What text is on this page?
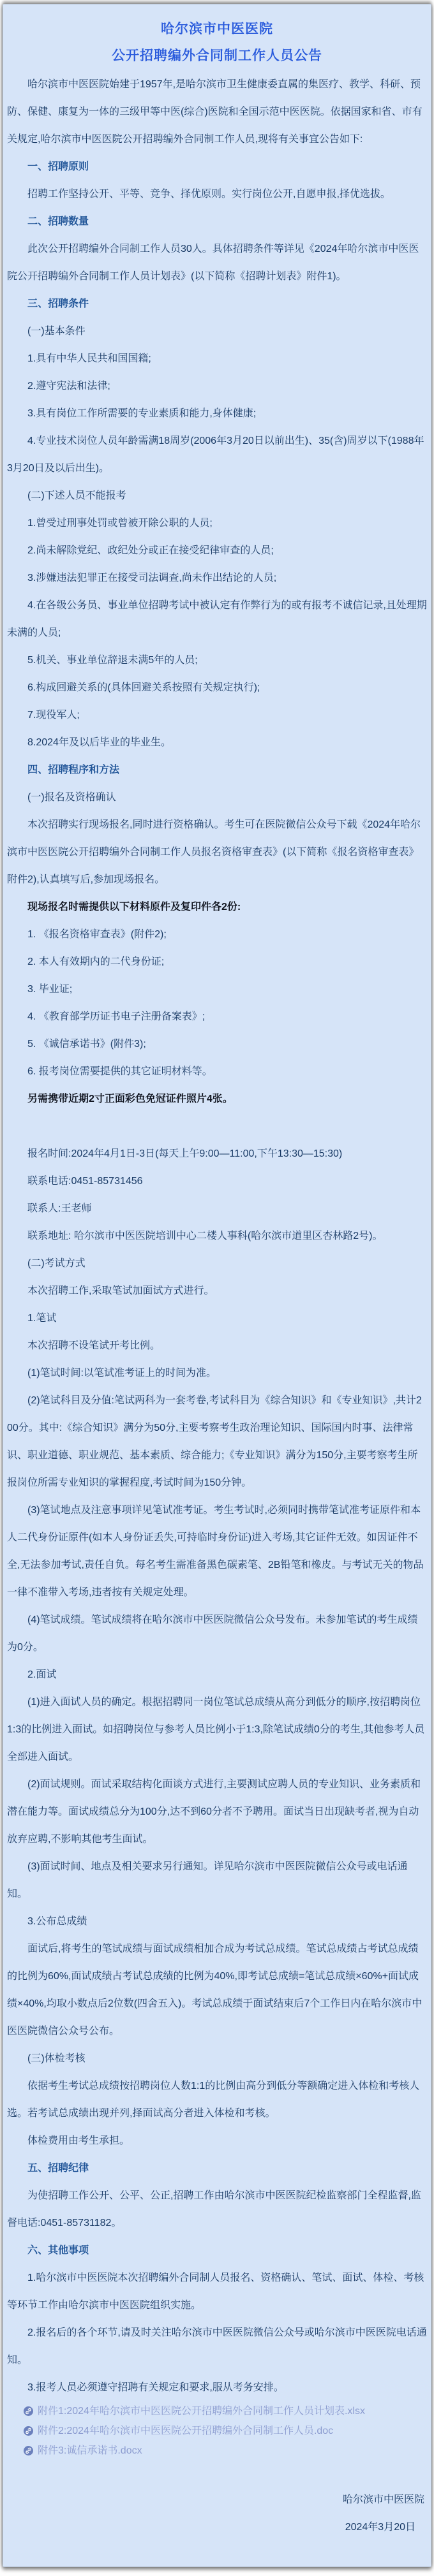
哈尔滨市中医医院
公开招聘编外合同制工作人员公告
哈尔滨市中医医院始建于1957年,是哈尔滨市卫生健康委直属的集医疗、教学、科研、预防、保健、康复为一体的三级甲等中医(综合)医院和全国示范中医医院。依据国家和省、市有关规定,哈尔滨市中医医院公开招聘编外合同制工作人员,现将有关事宜公告如下:
一、招聘原则
招聘工作坚持公开、平等、竞争、择优原则。实行岗位公开,自愿申报,择优选拔。
二、招聘数量
此次公开招聘编外合同制工作人员30人。具体招聘条件等详见《2024年哈尔滨市中医医院公开招聘编外合同制工作人员计划表》(以下简称《招聘计划表》附件1)。
三、招聘条件
(一)基本条件
1.具有中华人民共和国国籍;
2.遵守宪法和法律;
3.具有岗位工作所需要的专业素质和能力,身体健康;
4.专业技术岗位人员年龄需满18周岁(2006年3月20日以前出生)、35(含)周岁以下(1988年3月20日及以后出生)。
(二)下述人员不能报考
1.曾受过刑事处罚或曾被开除公职的人员;
2.尚未解除党纪、政纪处分或正在接受纪律审查的人员;
3.涉嫌违法犯罪正在接受司法调查,尚未作出结论的人员;
4.在各级公务员、事业单位招聘考试中被认定有作弊行为的或有报考不诚信记录,且处理期未满的人员;
5.机关、事业单位辞退未满5年的人员;
6.构成回避关系的(具体回避关系按照有关规定执行);
7.现役军人;
8.2024年及以后毕业的毕业生。
四、招聘程序和方法
(一)报名及资格确认
本次招聘实行现场报名,同时进行资格确认。考生可在医院微信公众号下载《2024年哈尔滨市中医医院公开招聘编外合同制工作人员报名资格审查表》(以下简称《报名资格审查表》附件2),认真填写后,参加现场报名。
现场报名时需提供以下材料原件及复印件各2份:
1. 《报名资格审查表》(附件2);
2. 本人有效期内的二代身份证;
3. 毕业证;
4. 《教育部学历证书电子注册备案表》;
5. 《诚信承诺书》(附件3);
6. 报考岗位需要提供的其它证明材料等。
另需携带近期2寸正面彩色免冠证件照片4张。
报名时间:2024年4月1日-3日(每天上午9:00—11:00,下午13:30—15:30)
联系电话:0451-85731456
联系人:王老师
联系地址: 哈尔滨市中医医院培训中心二楼人事科(哈尔滨市道里区杏林路2号)。
(二)考试方式
本次招聘工作,采取笔试加面试方式进行。
1.笔试
本次招聘不设笔试开考比例。
(1)笔试时间:以笔试准考证上的时间为准。
(2)笔试科目及分值:笔试两科为一套考卷,考试科目为《综合知识》和《专业知识》,共计200分。其中:《综合知识》满分为50分,主要考察考生政治理论知识、国际国内时事、法律常识、职业道德、职业规范、基本素质、综合能力;《专业知识》满分为150分,主要考察考生所报岗位所需专业知识的掌握程度,考试时间为150分钟。
(3)笔试地点及注意事项详见笔试准考证。考生考试时,必须同时携带笔试准考证原件和本人二代身份证原件(如本人身份证丢失,可持临时身份证)进入考场,其它证件无效。如因证件不全,无法参加考试,责任自负。每名考生需准备黑色碳素笔、2B铅笔和橡皮。与考试无关的物品一律不准带入考场,违者按有关规定处理。
(4)笔试成绩。笔试成绩将在哈尔滨市中医医院微信公众号发布。未参加笔试的考生成绩为0分。
2.面试
(1)进入面试人员的确定。根据招聘同一岗位笔试总成绩从高分到低分的顺序,按招聘岗位1:3的比例进入面试。如招聘岗位与参考人员比例小于1:3,除笔试成绩0分的考生,其他参考人员全部进入面试。
(2)面试规则。面试采取结构化面谈方式进行,主要测试应聘人员的专业知识、业务素质和潜在能力等。面试成绩总分为100分,达不到60分者不予聘用。面试当日出现缺考者,视为自动放弃应聘,不影响其他考生面试。
(3)面试时间、地点及相关要求另行通知。详见哈尔滨市中医医院微信公众号或电话通知。
3.公布总成绩
面试后,将考生的笔试成绩与面试成绩相加合成为考试总成绩。笔试总成绩占考试总成绩的比例为60%,面试成绩占考试总成绩的比例为40%,即考试总成绩=笔试总成绩×60%+面试成绩×40%,均取小数点后2位数(四舍五入)。考试总成绩于面试结束后7个工作日内在哈尔滨市中医医院微信公众号公布。
(三)体检考核
依据考生考试总成绩按招聘岗位人数1:1的比例由高分到低分等额确定进入体检和考核人选。若考试总成绩出现并列,择面试高分者进入体检和考核。
体检费用由考生承担。
五、招聘纪律
为使招聘工作公开、公平、公正,招聘工作由哈尔滨市中医医院纪检监察部门全程监督,监督电话:0451-85731182。
六、其他事项
1.哈尔滨市中医医院本次招聘编外合同制人员报名、资格确认、笔试、面试、体检、考核等环节工作由哈尔滨市中医医院组织实施。
2.报名后的各个环节,请及时关注哈尔滨市中医医院微信公众号或哈尔滨市中医医院电话通知。
3.报考人员必须遵守招聘有关规定和要求,服从考务安排。
附件1:2024年哈尔滨市中医医院公开招聘编外合同制工作人员计划表.xlsx
附件2:2024年哈尔滨市中医医院公开招聘编外合同制工作人员.doc
附件3:诚信承诺书.docx
哈尔滨市中医医院
2024年3月20日
